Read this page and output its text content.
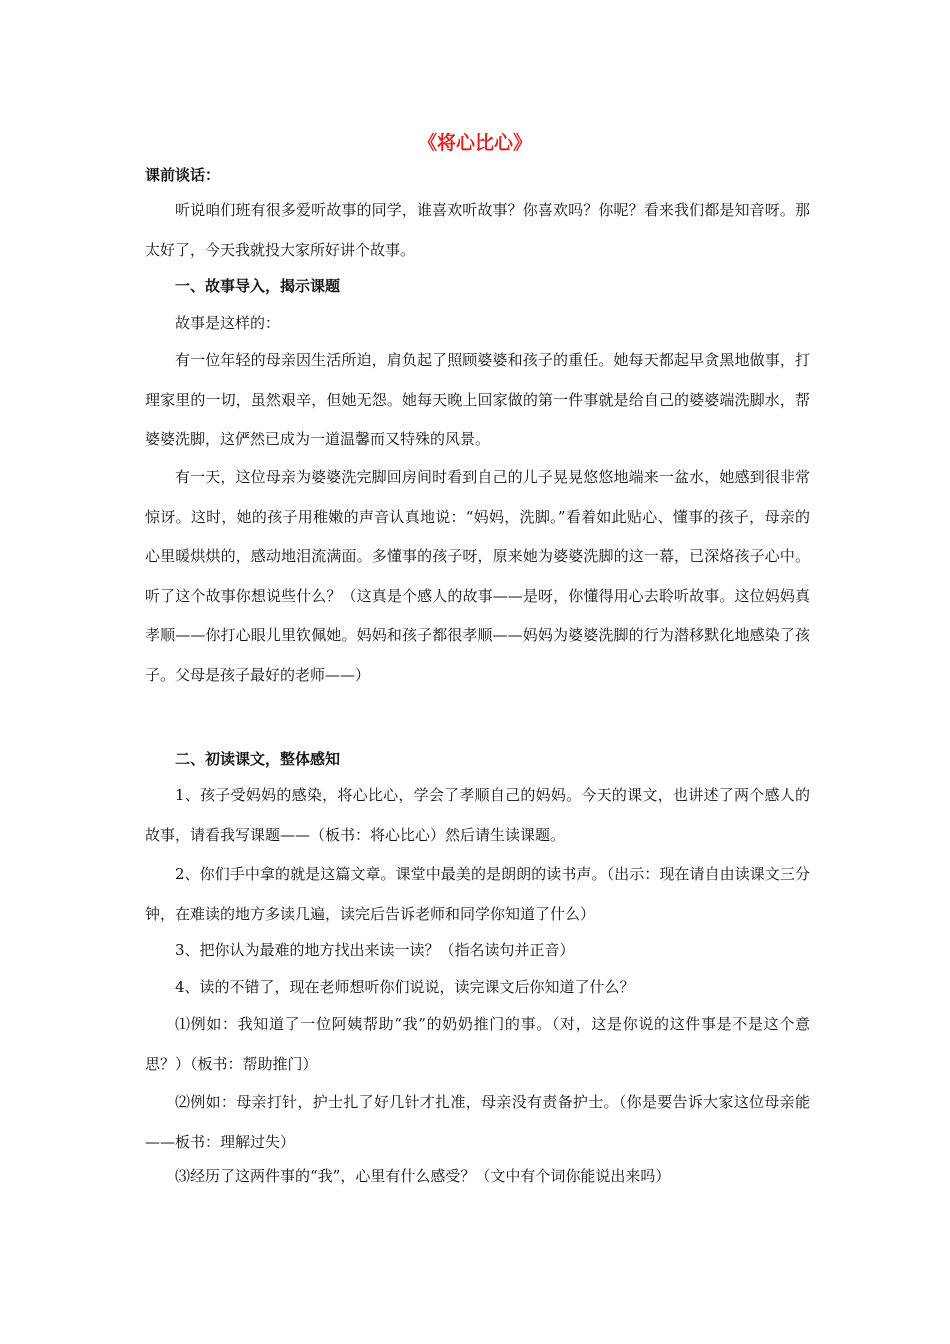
《将心比心》
课前谈话：
听说咱们班有很多爱听故事的同学，谁喜欢听故事？你喜欢吗？你呢？看来我们都是知音呀。那太好了，今天我就投大家所好讲个故事。
一、故事导入，揭示课题
故事是这样的：
有一位年轻的母亲因生活所迫，肩负起了照顾婆婆和孩子的重任。她每天都起早贪黑地做事，打理家里的一切，虽然艰辛，但她无怨。她每天晚上回家做的第一件事就是给自己的婆婆端洗脚水，帮婆婆洗脚，这俨然已成为一道温馨而又特殊的风景。
有一天，这位母亲为婆婆洗完脚回房间时看到自己的儿子晃晃悠悠地端来一盆水，她感到很非常惊讶。这时，她的孩子用稚嫩的声音认真地说：“妈妈，洗脚。”看着如此贴心、懂事的孩子，母亲的心里暖烘烘的，感动地泪流满面。多懂事的孩子呀，原来她为婆婆洗脚的这一幕，已深烙孩子心中。听了这个故事你想说些什么？（这真是个感人的故事——是呀，你懂得用心去聆听故事。这位妈妈真孝顺——你打心眼儿里钦佩她。妈妈和孩子都很孝顺——妈妈为婆婆洗脚的行为潜移默化地感染了孩子。父母是孩子最好的老师——）
二、初读课文，整体感知
1、孩子受妈妈的感染，将心比心，学会了孝顺自己的妈妈。今天的课文，也讲述了两个感人的故事，请看我写课题——（板书：将心比心）然后请生读课题。
2、你们手中拿的就是这篇文章。课堂中最美的是朗朗的读书声。（出示：现在请自由读课文三分钟，在难读的地方多读几遍，读完后告诉老师和同学你知道了什么）
3、把你认为最难的地方找出来读一读？（指名读句并正音）
4、读的不错了，现在老师想听你们说说，读完课文后你知道了什么？
⑴例如：我知道了一位阿姨帮助“我”的奶奶推门的事。（对，这是你说的这件事是不是这个意思？）（板书：帮助推门）
⑵例如：母亲打针，护士扎了好几针才扎准，母亲没有责备护士。（你是要告诉大家这位母亲能——板书：理解过失）
⑶经历了这两件事的“我”，心里有什么感受？（文中有个词你能说出来吗）
